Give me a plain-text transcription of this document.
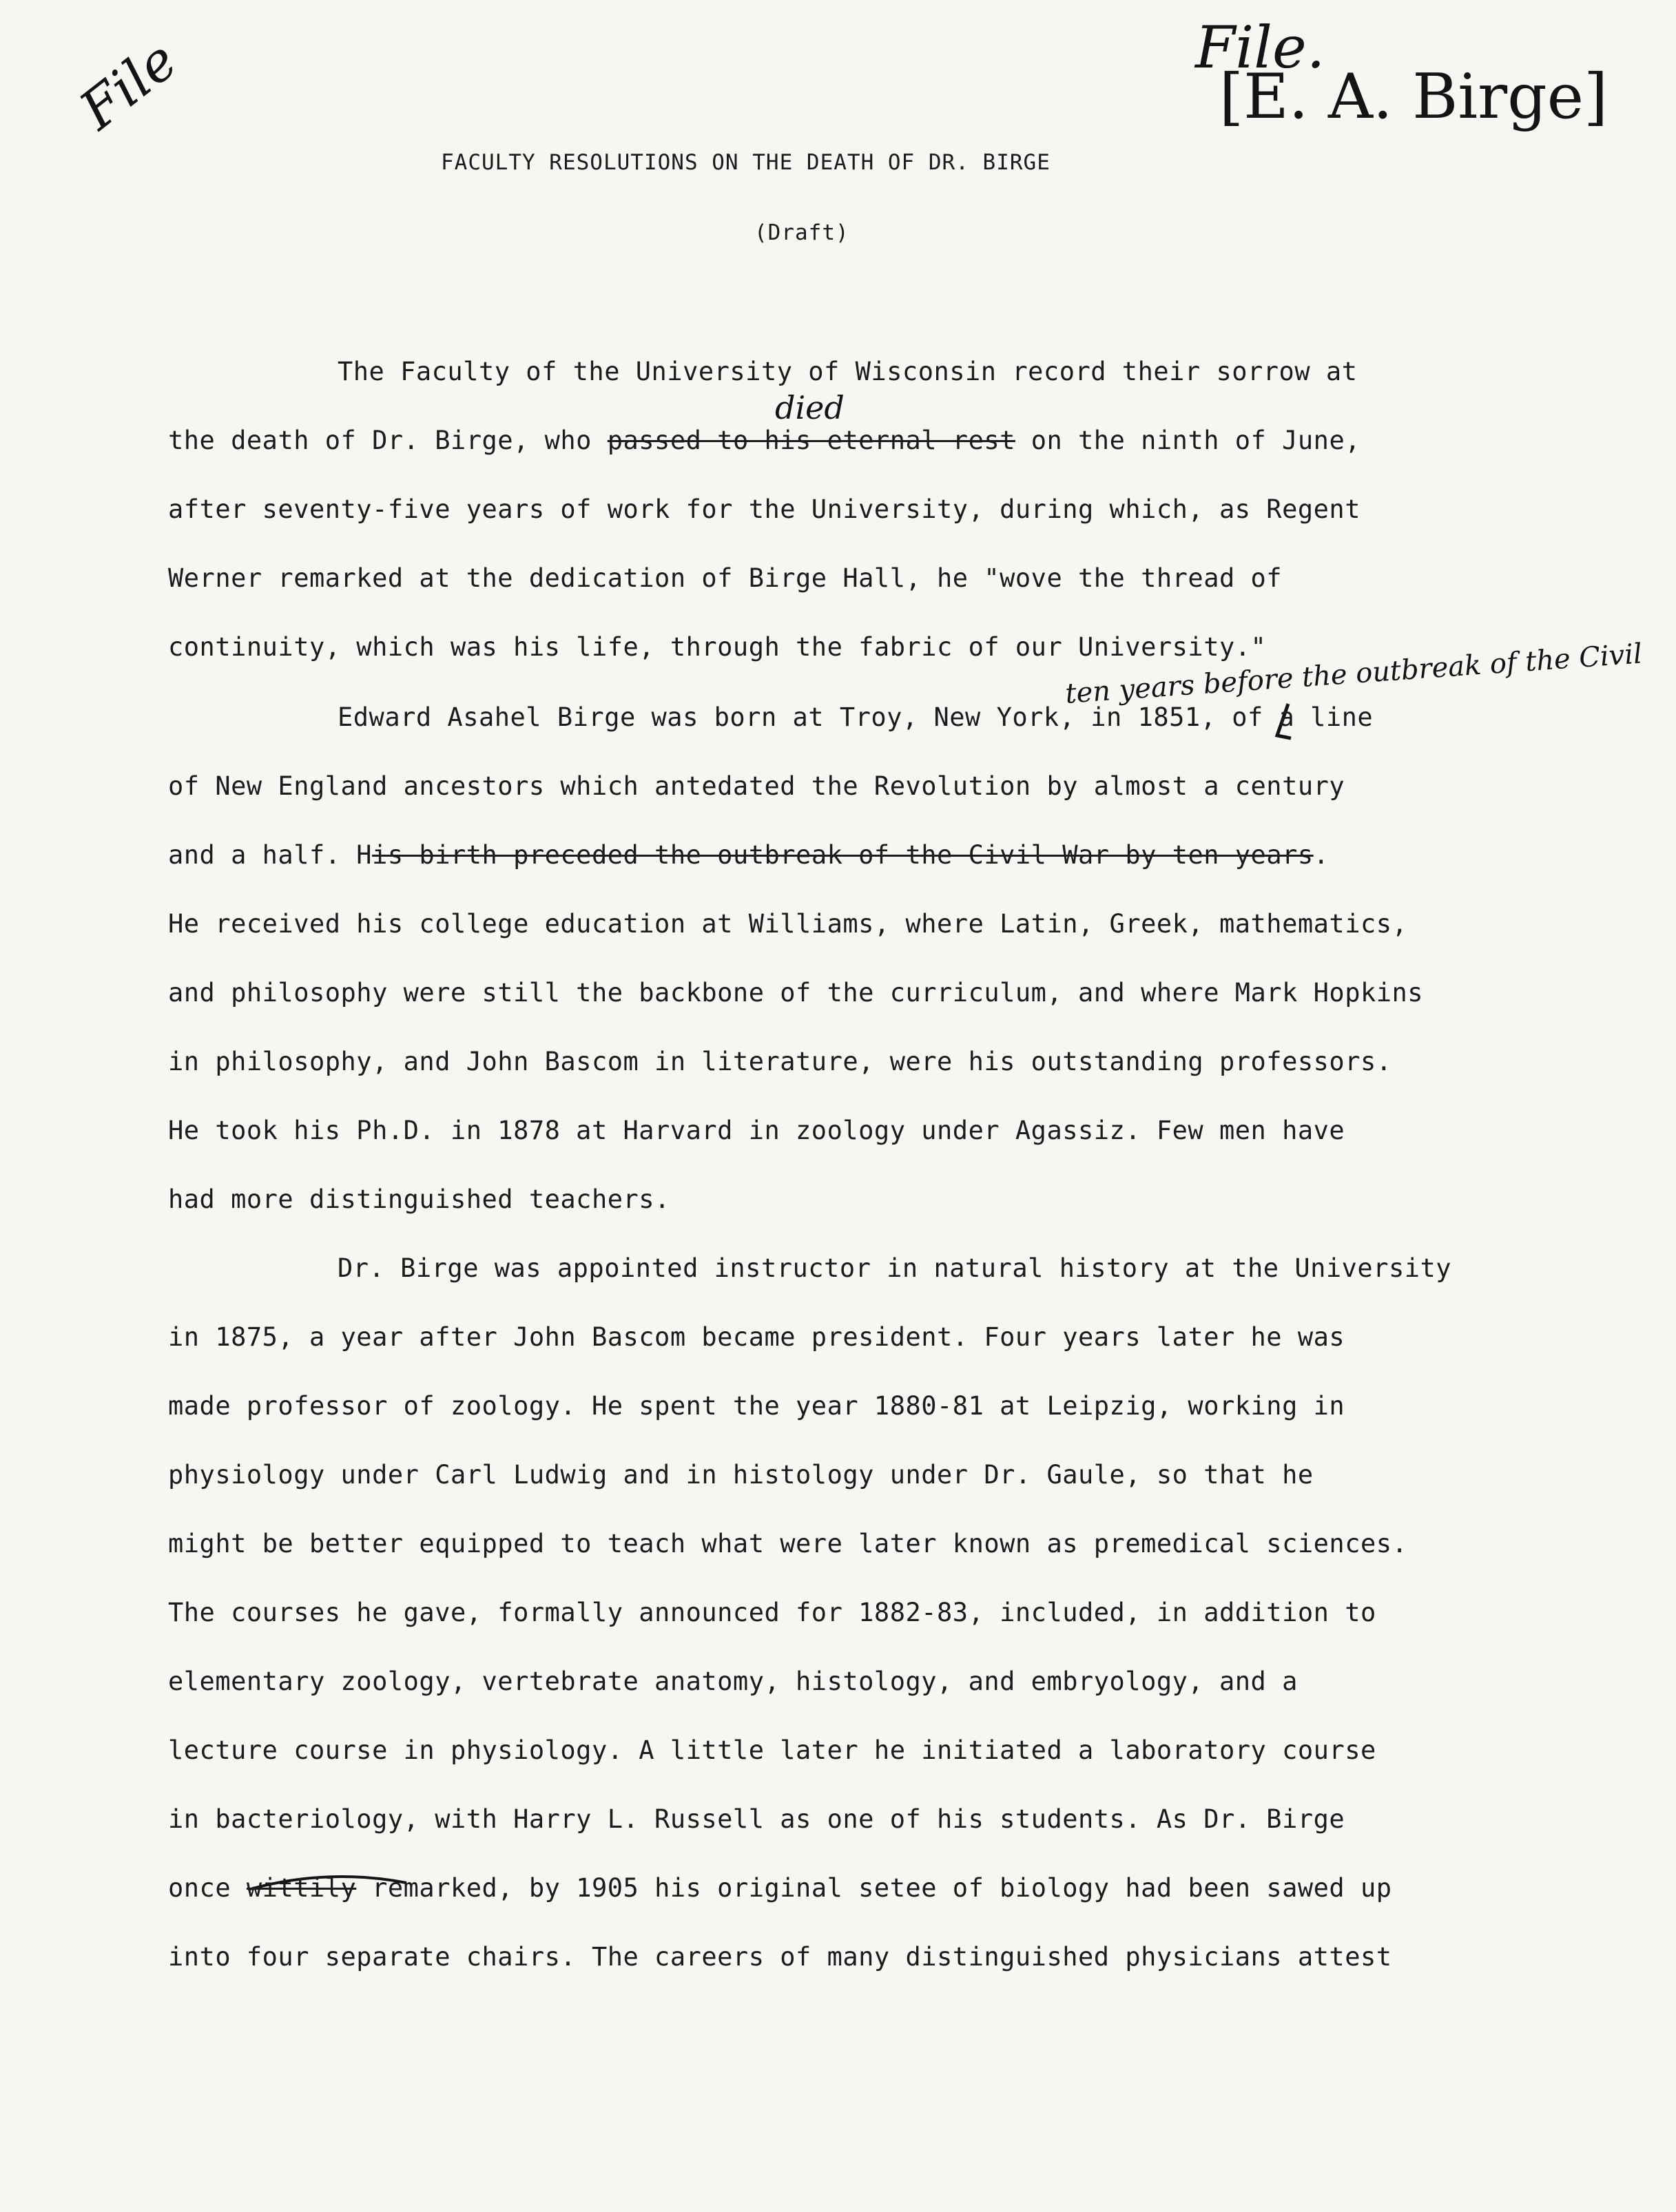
File	File.
[E. A. Birge]
died
ten years before the outbreak of the Civil
FACULTY RESOLUTIONS ON THE DEATH OF DR. BIRGE
(Draft)
The Faculty of the University of Wisconsin record their sorrow at
the death of Dr. Birge, who passed to his eternal rest on the ninth of June,
after seventy-five years of work for the University, during which, as Regent
Werner remarked at the dedication of Birge Hall, he "wove the thread of
continuity, which was his life, through the fabric of our University."
Edward Asahel Birge was born at Troy, New York, in 1851, of a line
of New England ancestors which antedated the Revolution by almost a century
and a half. His birth preceded the outbreak of the Civil War by ten years.
He received his college education at Williams, where Latin, Greek, mathematics,
and philosophy were still the backbone of the curriculum, and where Mark Hopkins
in philosophy, and John Bascom in literature, were his outstanding professors.
He took his Ph.D. in 1878 at Harvard in zoology under Agassiz. Few men have
had more distinguished teachers.
Dr. Birge was appointed instructor in natural history at the University
in 1875, a year after John Bascom became president. Four years later he was
made professor of zoology. He spent the year 1880-81 at Leipzig, working in
physiology under Carl Ludwig and in histology under Dr. Gaule, so that he
might be better equipped to teach what were later known as premedical sciences.
The courses he gave, formally announced for 1882-83, included, in addition to
elementary zoology, vertebrate anatomy, histology, and embryology, and a
lecture course in physiology. A little later he initiated a laboratory course
in bacteriology, with Harry L. Russell as one of his students. As Dr. Birge
once wittily remarked, by 1905 his original setee of biology had been sawed up
into four separate chairs. The careers of many distinguished physicians attest
